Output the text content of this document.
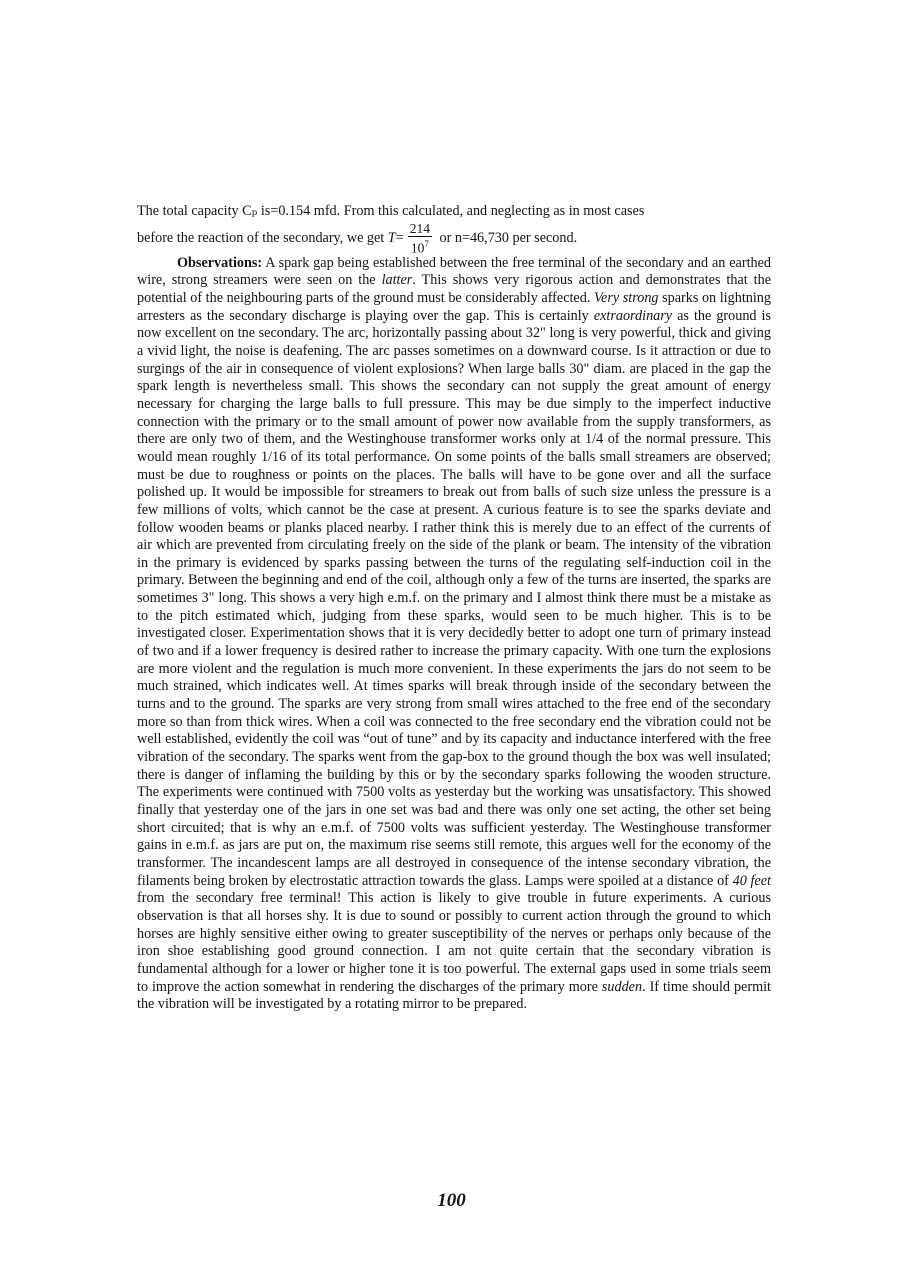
The total capacity Cₚ is=0.154 mfd. From this calculated, and neglecting as in most cases

before the reaction of the secondary, we get $T= \frac{214}{10^7}$ or n=46,730 per second.

Observations: A spark gap being established between the free terminal of the secondary and an earthed wire, strong streamers were seen on the latter. This shows very rigorous action and demonstrates that the potential of the neighbouring parts of the ground must be considerably affected. Very strong sparks on lightning arresters as the secondary discharge is playing over the gap. This is certainly extraordinary as the ground is now excellent on tne secondary. The arc, horizontally passing about 32" long is very powerful, thick and giving a vivid light, the noise is deafening. The arc passes sometimes on a downward course. Is it attraction or due to surgings of the air in consequence of violent explosions? When large balls 30" diam. are placed in the gap the spark length is nevertheless small. This shows the secondary can not supply the great amount of energy necessary for charging the large balls to full pressure. This may be due simply to the imperfect inductive connection with the primary or to the small amount of power now available from the supply transformers, as there are only two of them, and the Westinghouse transformer works only at 1/4 of the normal pressure. This would mean roughly 1/16 of its total performance. On some points of the balls small streamers are observed; must be due to roughness or points on the places. The balls will have to be gone over and all the surface polished up. It would be impossible for streamers to break out from balls of such size unless the pressure is a few millions of volts, which cannot be the case at present. A curious feature is to see the sparks deviate and follow wooden beams or planks placed nearby. I rather think this is merely due to an effect of the currents of air which are prevented from circulating freely on the side of the plank or beam. The intensity of the vibration in the primary is evidenced by sparks passing between the turns of the regulating self-induction coil in the primary. Between the beginning and end of the coil, although only a few of the turns are inserted, the sparks are sometimes 3" long. This shows a very high e.m.f. on the primary and I almost think there must be a mistake as to the pitch estimated which, judging from these sparks, would seen to be much higher. This is to be investigated closer. Experimentation shows that it is very decidedly better to adopt one turn of primary instead of two and if a lower frequency is desired rather to increase the primary capacity. With one turn the explosions are more violent and the regulation is much more convenient. In these experiments the jars do not seem to be much strained, which indicates well. At times sparks will break through inside of the secondary between the turns and to the ground. The sparks are very strong from small wires attached to the free end of the secondary more so than from thick wires. When a coil was connected to the free secondary end the vibration could not be well established, evidently the coil was “out of tune” and by its capacity and inductance interfered with the free vibration of the secondary. The sparks went from the gap-box to the ground though the box was well insulated; there is danger of inflaming the building by this or by the secondary sparks following the wooden structure. The experiments were continued with 7500 volts as yesterday but the working was unsatisfactory. This showed finally that yesterday one of the jars in one set was bad and there was only one set acting, the other set being short circuited; that is why an e.m.f. of 7500 volts was sufficient yesterday. The Westinghouse transformer gains in e.m.f. as jars are put on, the maximum rise seems still remote, this argues well for the economy of the transformer. The incandescent lamps are all destroyed in consequence of the intense secondary vibration, the filaments being broken by electrostatic attraction towards the glass. Lamps were spoiled at a distance of 40 feet from the secondary free terminal! This action is likely to give trouble in future experiments. A curious observation is that all horses shy. It is due to sound or possibly to current action through the ground to which horses are highly sensitive either owing to greater susceptibility of the nerves or perhaps only because of the iron shoe establishing good ground connection. I am not quite certain that the secondary vibration is fundamental although for a lower or higher tone it is too powerful. The external gaps used in some trials seem to improve the action somewhat in rendering the discharges of the primary more sudden. If time should permit the vibration will be investigated by a rotating mirror to be prepared.

100
